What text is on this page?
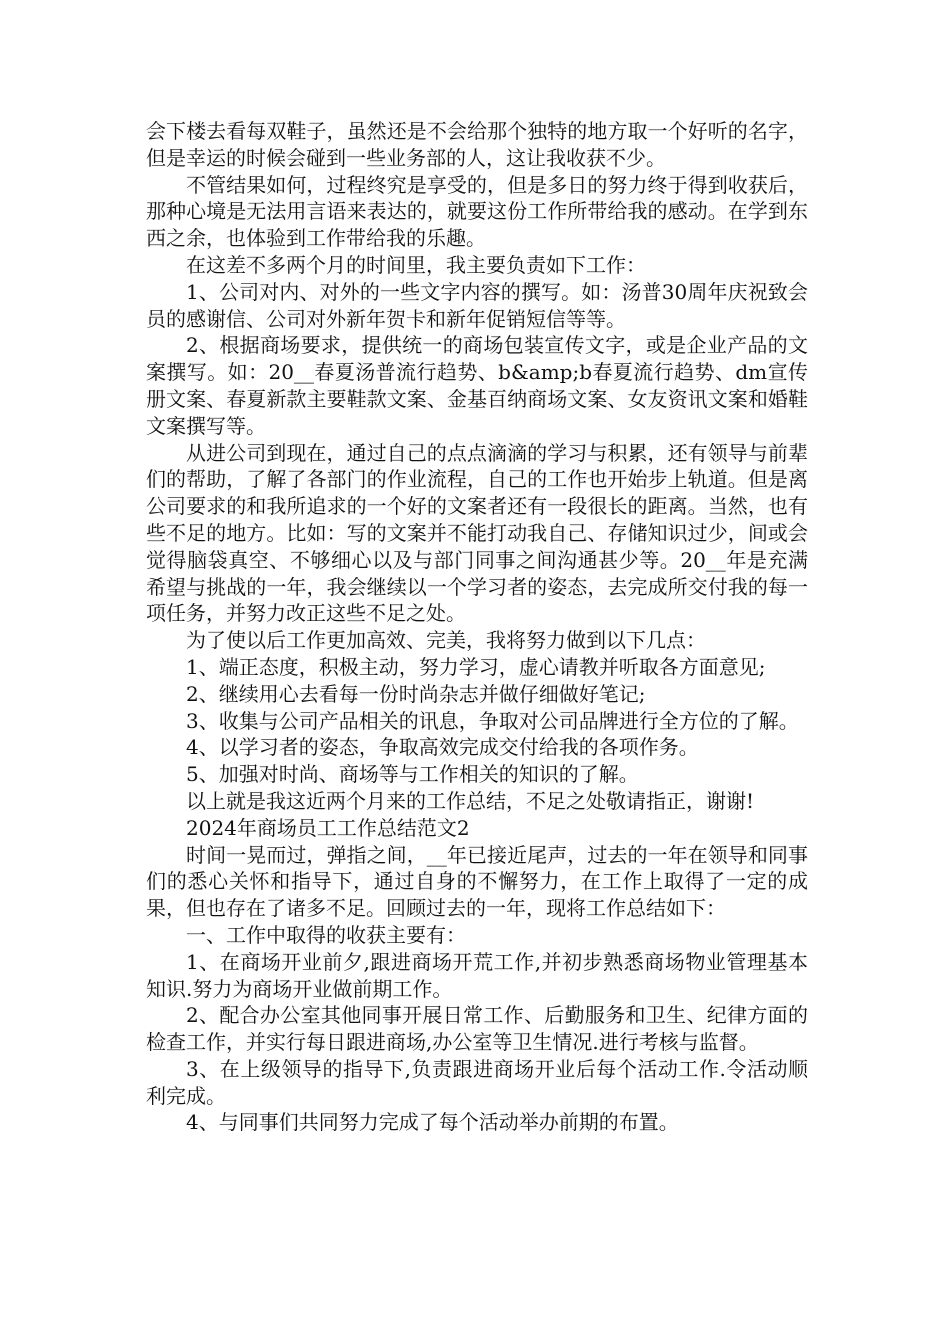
会下楼去看每双鞋子，虽然还是不会给那个独特的地方取一个好听的名字，但是幸运的时候会碰到一些业务部的人，这让我收获不少。

不管结果如何，过程终究是享受的，但是多日的努力终于得到收获后，那种心境是无法用言语来表达的，就要这份工作所带给我的感动。在学到东西之余，也体验到工作带给我的乐趣。

在这差不多两个月的时间里，我主要负责如下工作：

1、公司对内、对外的一些文字内容的撰写。如：汤普30周年庆祝致会员的感谢信、公司对外新年贺卡和新年促销短信等等。

2、根据商场要求，提供统一的商场包装宣传文字，或是企业产品的文案撰写。如：20__春夏汤普流行趋势、b&amp;b春夏流行趋势、dm宣传册文案、春夏新款主要鞋款文案、金基百纳商场文案、女友资讯文案和婚鞋文案撰写等。

从进公司到现在，通过自己的点点滴滴的学习与积累，还有领导与前辈们的帮助，了解了各部门的作业流程，自己的工作也开始步上轨道。但是离公司要求的和我所追求的一个好的文案者还有一段很长的距离。当然，也有些不足的地方。比如：写的文案并不能打动我自己、存储知识过少，间或会觉得脑袋真空、不够细心以及与部门同事之间沟通甚少等。20__年是充满希望与挑战的一年，我会继续以一个学习者的姿态，去完成所交付我的每一项任务，并努力改正这些不足之处。

为了使以后工作更加高效、完美，我将努力做到以下几点：

1、端正态度，积极主动，努力学习，虚心请教并听取各方面意见;

2、继续用心去看每一份时尚杂志并做仔细做好笔记;

3、收集与公司产品相关的讯息，争取对公司品牌进行全方位的了解。

4、以学习者的姿态，争取高效完成交付给我的各项作务。

5、加强对时尚、商场等与工作相关的知识的了解。

以上就是我这近两个月来的工作总结，不足之处敬请指正，谢谢!

2024年商场员工工作总结范文2

时间一晃而过，弹指之间，__年已接近尾声，过去的一年在领导和同事们的悉心关怀和指导下，通过自身的不懈努力，在工作上取得了一定的成果，但也存在了诸多不足。回顾过去的一年，现将工作总结如下：

一、工作中取得的收获主要有：

1、在商场开业前夕,跟进商场开荒工作,并初步熟悉商场物业管理基本知识.努力为商场开业做前期工作。

2、配合办公室其他同事开展日常工作、后勤服务和卫生、纪律方面的检查工作，并实行每日跟进商场,办公室等卫生情况.进行考核与监督。

3、在上级领导的指导下,负责跟进商场开业后每个活动工作.令活动顺利完成。

4、与同事们共同努力完成了每个活动举办前期的布置。
